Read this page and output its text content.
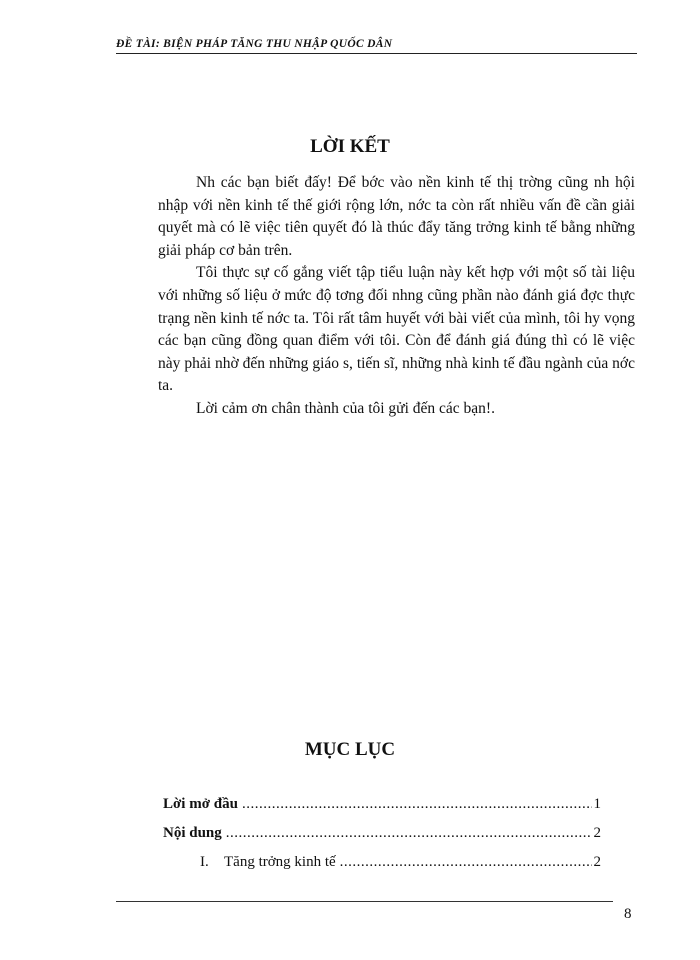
ĐỀ TÀI: BIỆN PHÁP TĂNG THU NHẬP QUỐC DÂN
LỜI KẾT

Nh các bạn biết đấy! Để bớc vào nền kinh tế thị trờng cũng nh hội nhập với nền kinh tế thế giới rộng lớn, nớc ta còn rất nhiều vấn đề cần giải quyết mà có lẽ việc tiên quyết đó là thúc đẩy tăng trởng kinh tế bằng những giải pháp cơ bản trên.

Tôi thực sự cố gắng viết tập tiểu luận này kết hợp với một số tài liệu với những số liệu ở mức độ tơng đối nhng cũng phần nào đánh giá đợc thực trạng nền kinh tế nớc ta. Tôi rất tâm huyết với bài viết của mình, tôi hy vọng các bạn cũng đồng quan điểm với tôi. Còn để đánh giá đúng thì có lẽ việc này phải nhờ đến những giáo s, tiến sĩ, những nhà kinh tế đầu ngành của nớc ta.

Lời cảm ơn chân thành của tôi gửi đến các bạn!.

MỤC LỤC
Lời mở đầu .....	1
Nội dung .....	2
I. Tăng trởng kinh tế .....	2
8
